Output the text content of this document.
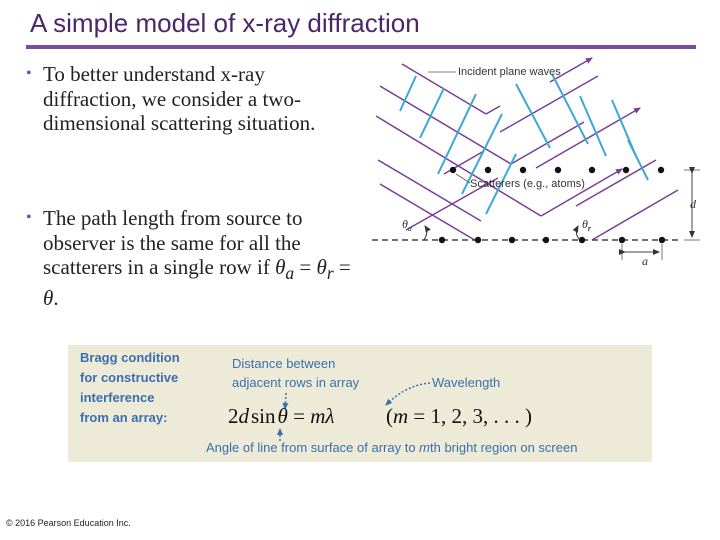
A simple model of x-ray diffraction
• To better understand x-ray diffraction, we consider a two-dimensional scattering situation.
• The path length from source to observer is the same for all the scatterers in a single row if $\theta_a = \theta_r = \theta$.
Incident plane waves
Scatterers (e.g., atoms)
$\theta_a$	$\theta_r$
d
a
Bragg condition
for constructive
interference
from an array:
Distance between
adjacent rows in array	Wavelength
2dsinθ = mλ (m = 1, 2, 3, . . . )
Angle of line from surface of array to mth bright region on screen
© 2016 Pearson Education Inc.
